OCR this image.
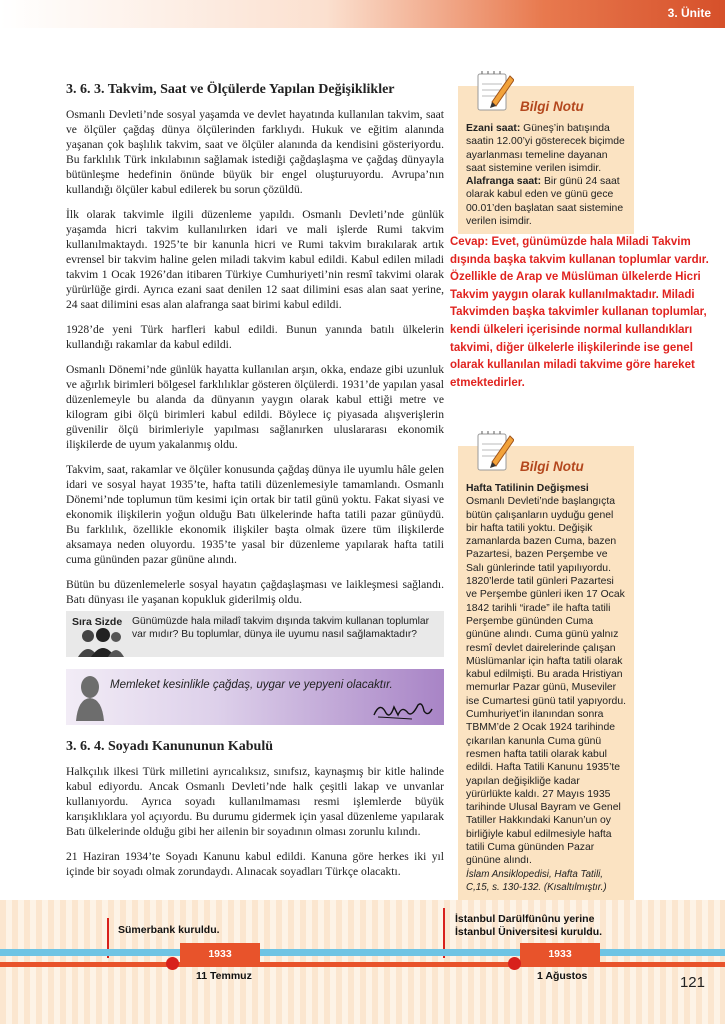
3. Ünite
3. 6. 3. Takvim, Saat ve Ölçülerde Yapılan Değişiklikler

Osmanlı Devleti’nde sosyal yaşamda ve devlet hayatında kullanılan takvim, saat ve ölçüler çağdaş dünya ölçülerinden farklıydı. Hukuk ve eğitim alanında yaşanan çok başlılık takvim, saat ve ölçüler alanında da kendisini gösteriyordu. Bu farklılık Türk inkılabının sağlamak istediği çağdaşlaşma ve çağdaş dünyayla bütünleşme hedefinin önünde büyük bir engel oluşturuyordu. Avrupa’nın kullandığı ölçüler kabul edilerek bu sorun çözüldü.

İlk olarak takvimle ilgili düzenleme yapıldı. Osmanlı Devleti’nde günlük yaşamda hicri takvim kullanılırken idari ve mali işlerde Rumi takvim kullanılmaktaydı. 1925’te bir kanunla hicri ve Rumi takvim bırakılarak artık evrensel bir takvim haline gelen miladi takvim kabul edildi. Kabul edilen miladi takvim 1 Ocak 1926’dan itibaren Türkiye Cumhuriyeti’nin resmî takvimi olarak yürürlüğe girdi. Ayrıca ezani saat denilen 12 saat dilimini esas alan saat yerine, 24 saat dilimini esas alan alafranga saat birimi kabul edildi.

1928’de yeni Türk harfleri kabul edildi. Bunun yanında batılı ülkelerin kullandığı rakamlar da kabul edildi.

Osmanlı Dönemi’nde günlük hayatta kullanılan arşın, okka, endaze gibi uzunluk ve ağırlık birimleri bölgesel farklılıklar gösteren ölçülerdi. 1931’de yapılan yasal düzenlemeyle bu alanda da dünyanın yaygın olarak kabul ettiği metre ve kilogram gibi ölçü birimleri kabul edildi. Böylece iç piyasada alışverişlerin güvenilir ölçü birimleriyle yapılması sağlanırken uluslararası ekonomik ilişkilerde de uyum yakalanmış oldu.

Takvim, saat, rakamlar ve ölçüler konusunda çağdaş dünya ile uyumlu hâle gelen idari ve sosyal hayat 1935’te, hafta tatili düzenlemesiyle tamamlandı. Osmanlı Dönemi’nde toplumun tüm kesimi için ortak bir tatil günü yoktu. Fakat siyasi ve ekonomik ilişkilerin yoğun olduğu Batı ülkelerinde hafta tatili pazar günüydü. Bu farklılık, özellikle ekonomik ilişkiler başta olmak üzere tüm ilişkilerde aksamaya neden oluyordu. 1935’te yasal bir düzenleme yapılarak hafta tatili cuma gününden pazar gününe alındı.

Bütün bu düzenlemelerle sosyal hayatın çağdaşlaşması ve laikleşmesi sağlandı. Batı dünyası ile yaşanan kopukluk giderilmiş oldu.

Sıra Sizde Günümüzde hala miladî takvim dışında takvim kullanan toplumlar var mıdır? Bu toplumlar, dünya ile uyumu nasıl sağlamaktadır?
Memleket kesinlikle çağdaş, uygar ve yepyeni olacaktır.
3. 6. 4. Soyadı Kanununun Kabulü

Halkçılık ilkesi Türk milletini ayrıcalıksız, sınıfsız, kaynaşmış bir kitle halinde kabul ediyordu. Ancak Osmanlı Devleti’nde halk çeşitli lakap ve unvanlar kullanıyordu. Ayrıca soyadı kullanılmaması resmi işlemlerde büyük karışıklıklara yol açıyordu. Bu durumu gidermek için yasal düzenleme yapılarak Batı ülkelerinde olduğu gibi her ailenin bir soyadının olması zorunlu kılındı.

21 Haziran 1934’te Soyadı Kanunu kabul edildi. Kanuna göre herkes iki yıl içinde bir soyadı olmak zorundaydı. Alınacak soyadları Türkçe olacaktı.

Bilgi Notu
Ezani saat: Güneş’in batışında saatin 12.00’yi gösterecek biçimde ayarlanması temeline dayanan saat sistemine verilen isimdir.
Alafranga saat: Bir günü 24 saat olarak kabul eden ve günü gece 00.01’den başlatan saat sistemine verilen isimdir.
Cevap: Evet, günümüzde hala Miladi Takvim dışında başka takvim kullanan toplumlar vardır. Özellikle de Arap ve Müslüman ülkelerde Hicri Takvim yaygın olarak kullanılmaktadır. Miladi Takvimden başka takvimler kullanan toplumlar, kendi ülkeleri içerisinde normal kullandıkları takvimi, diğer ülkelerle ilişkilerinde ise genel olarak kullanılan miladi takvime göre hareket etmektedirler.
Bilgi Notu
Hafta Tatilinin Değişmesi
Osmanlı Devleti’nde başlangıçta bütün çalışanların uyduğu genel bir hafta tatili yoktu. Değişik zamanlarda bazen Cuma, bazen Pazartesi, bazen Perşembe ve Salı günlerinde tatil yapılıyordu. 1820’lerde tatil günleri Pazartesi ve Perşembe günleri iken 17 Ocak 1842 tarihli “irade” ile hafta tatili Perşembe gününden Cuma gününe alındı. Cuma günü yalnız resmî devlet dairelerinde çalışan Müslümanlar için hafta tatili olarak kabul edilmişti. Bu arada Hristiyan memurlar Pazar günü, Museviler ise Cumartesi günü tatil yapıyordu. Cumhuriyet’in ilanından sonra TBMM’de 2 Ocak 1924 tarihinde çıkarılan kanunla Cuma günü resmen hafta tatili olarak kabul edildi. Hafta Tatili Kanunu 1935’te yapılan değişikliğe kadar yürürlükte kaldı. 27 Mayıs 1935 tarihinde Ulusal Bayram ve Genel Tatiller Hakkındaki Kanun’un oy birliğiyle kabul edilmesiyle hafta tatili Cuma gününden Pazar gününe alındı.
İslam Ansiklopedisi, Hafta Tatili, C,15, s. 130-132. (Kısaltılmıştır.)
Sümerbank kuruldu.
İstanbul Darülfünûnu yerine
İstanbul Üniversitesi kuruldu.
1933	1933
11 Temmuz	1 Ağustos	121
